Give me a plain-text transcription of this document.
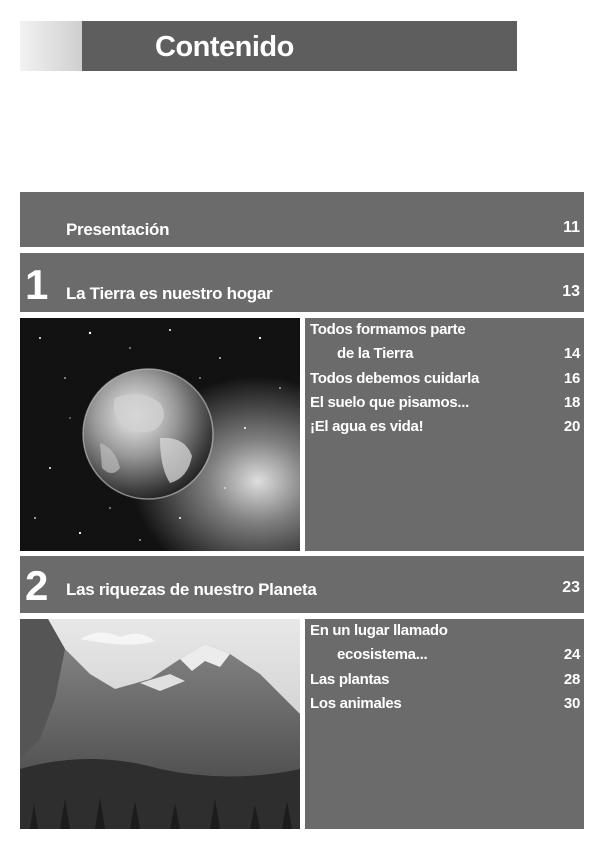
Contenido
Presentación	11
1 La Tierra es nuestro hogar	13
Todos formamos parte
de la Tierra	14
Todos debemos cuidarla	16
El suelo que pisamos...	18
¡El agua es vida!	20
2 Las riquezas de nuestro Planeta	23
En un lugar llamado
ecosistema...	24
Las plantas	28
Los animales	30
